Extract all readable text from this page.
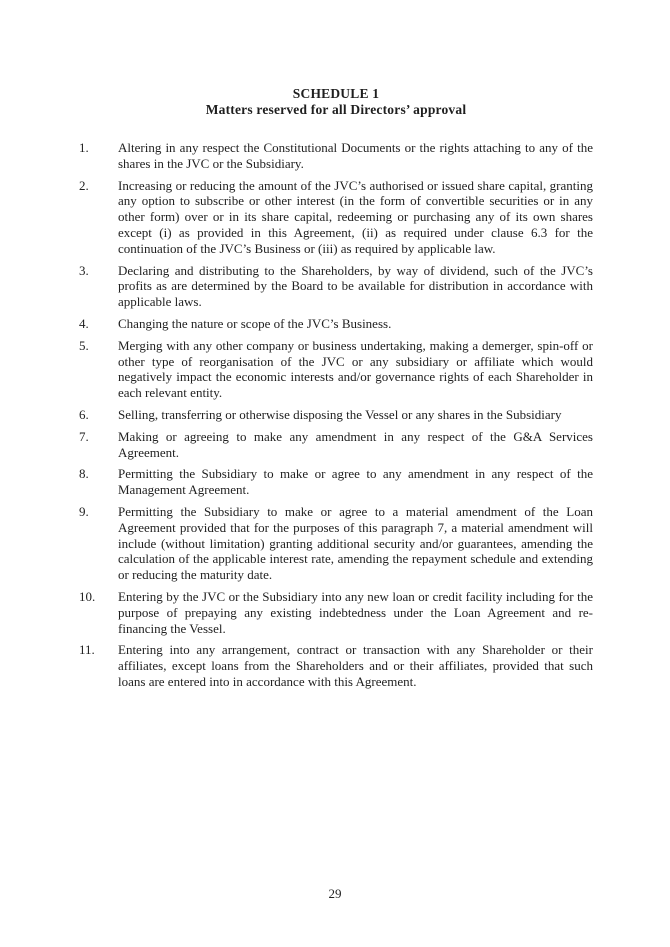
SCHEDULE 1
Matters reserved for all Directors’ approval
1.	Altering in any respect the Constitutional Documents or the rights attaching to any of the shares in the JVC or the Subsidiary.
2.	Increasing or reducing the amount of the JVC’s authorised or issued share capital, granting any option to subscribe or other interest (in the form of convertible securities or in any other form) over or in its share capital, redeeming or purchasing any of its own shares except (i) as provided in this Agreement, (ii) as required under clause 6.3 for the continuation of the JVC’s Business or (iii) as required by applicable law.
3.	Declaring and distributing to the Shareholders, by way of dividend, such of the JVC’s profits as are determined by the Board to be available for distribution in accordance with applicable laws.
4.	Changing the nature or scope of the JVC’s Business.
5.	Merging with any other company or business undertaking, making a demerger, spin-off or other type of reorganisation of the JVC or any subsidiary or affiliate which would negatively impact the economic interests and/or governance rights of each Shareholder in each relevant entity.
6.	Selling, transferring or otherwise disposing the Vessel or any shares in the Subsidiary
7.	Making or agreeing to make any amendment in any respect of the G&A Services Agreement.
8.	Permitting the Subsidiary to make or agree to any amendment in any respect of the Management Agreement.
9.	Permitting the Subsidiary to make or agree to a material amendment of the Loan Agreement provided that for the purposes of this paragraph 7, a material amendment will include (without limitation) granting additional security and/or guarantees, amending the calculation of the applicable interest rate, amending the repayment schedule and extending or reducing the maturity date.
10.	Entering by the JVC or the Subsidiary into any new loan or credit facility including for the purpose of prepaying any existing indebtedness under the Loan Agreement and re-financing the Vessel.
11.	Entering into any arrangement, contract or transaction with any Shareholder or their affiliates, except loans from the Shareholders and or their affiliates, provided that such loans are entered into in accordance with this Agreement.
29
